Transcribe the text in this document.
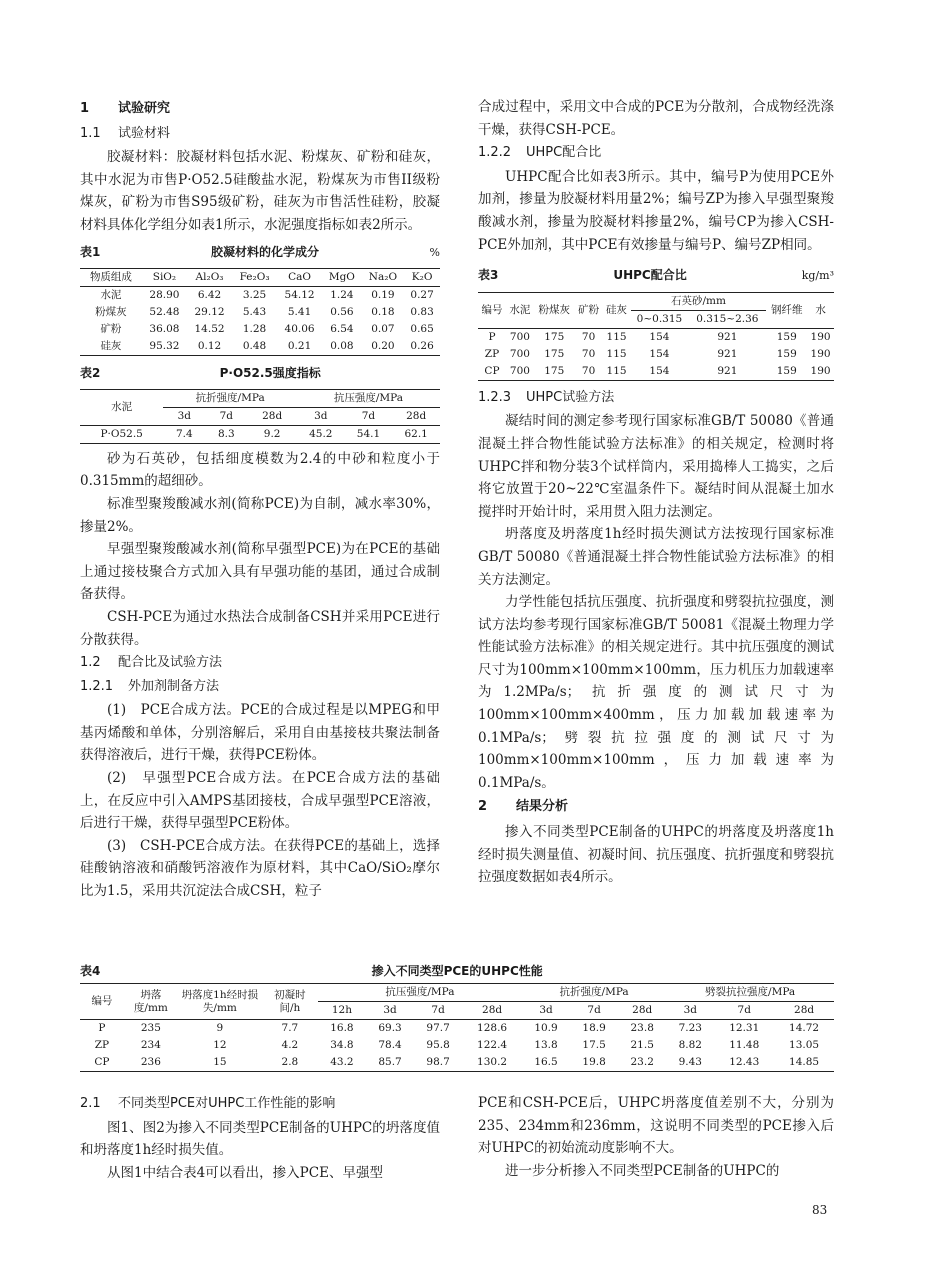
1 试验研究
1.1 试验材料

胶凝材料：胶凝材料包括水泥、粉煤灰、矿粉和硅灰，其中水泥为市售P·O52.5硅酸盐水泥，粉煤灰为市售II级粉煤灰，矿粉为市售S95级矿粉，硅灰为市售活性硅粉，胶凝材料具体化学组分如表1所示，水泥强度指标如表2所示。

表1	胶凝材料的化学成分	%
物质组成	SiO₂	Al₂O₃	Fe₂O₃	CaO	MgO	Na₂O	K₂O
水泥	28.90	6.42	3.25	54.12	1.24	0.19	0.27
粉煤灰	52.48	29.12	5.43	5.41	0.56	0.18	0.83
矿粉	36.08	14.52	1.28	40.06	6.54	0.07	0.65
硅灰	95.32	0.12	0.48	0.21	0.08	0.20	0.26
表2	P·O52.5强度指标
水泥	抗折强度/MPa			抗压强度/MPa		
	3d	7d	28d	3d	7d	28d
P·O52.5	7.4	8.3	9.2	45.2	54.1	62.1

砂为石英砂，包括细度模数为2.4的中砂和粒度小于0.315mm的超细砂。

标准型聚羧酸减水剂(简称PCE)为自制，减水率30%，掺量2%。

早强型聚羧酸减水剂(简称早强型PCE)为在PCE的基础上通过接枝聚合方式加入具有早强功能的基团，通过合成制备获得。

CSH-PCE为通过水热法合成制备CSH并采用PCE进行分散获得。

1.2 配合比及试验方法
1.2.1 外加剂制备方法

(1)　PCE合成方法。PCE的合成过程是以MPEG和甲基丙烯酸和单体，分别溶解后，采用自由基接枝共聚法制备获得溶液后，进行干燥，获得PCE粉体。

(2)　早强型PCE合成方法。在PCE合成方法的基础上，在反应中引入AMPS基团接枝，合成早强型PCE溶液，后进行干燥，获得早强型PCE粉体。

(3)　CSH-PCE合成方法。在获得PCE的基础上，选择硅酸钠溶液和硝酸钙溶液作为原材料，其中CaO/SiO₂摩尔比为1.5，采用共沉淀法合成CSH，粒子

合成过程中，采用文中合成的PCE为分散剂，合成物经洗涤干燥，获得CSH-PCE。

1.2.2 UHPC配合比

UHPC配合比如表3所示。其中，编号P为使用PCE外加剂，掺量为胶凝材料用量2%；编号ZP为掺入早强型聚羧酸减水剂，掺量为胶凝材料掺量2%，编号CP为掺入CSH-PCE外加剂，其中PCE有效掺量与编号P、编号ZP相同。

表3	UHPC配合比	kg/m³
编号	水泥	粉煤灰	矿粉	硅灰	石英砂/mm		钢纤维	水
					0~0.315	0.315~2.36		
P	700	175	70	115	154	921	159	190
ZP	700	175	70	115	154	921	159	190
CP	700	175	70	115	154	921	159	190
1.2.3 UHPC试验方法

凝结时间的测定参考现行国家标准GB/T 50080《普通混凝土拌合物性能试验方法标准》的相关规定，检测时将UHPC拌和物分装3个试样筒内，采用捣棒人工捣实，之后将它放置于20~22℃室温条件下。凝结时间从混凝土加水搅拌时开始计时，采用贯入阻力法测定。

坍落度及坍落度1h经时损失测试方法按现行国家标准GB/T 50080《普通混凝土拌合物性能试验方法标准》的相关方法测定。

力学性能包括抗压强度、抗折强度和劈裂抗拉强度，测试方法均参考现行国家标准GB/T 50081《混凝土物理力学性能试验方法标准》的相关规定进行。其中抗压强度的测试尺寸为100mm×100mm×100mm，压力机压力加载速率为1.2MPa/s；抗折强度的测试尺寸为100mm×100mm×400mm，压力加载加载速率为0.1MPa/s；劈裂抗拉强度的测试尺寸为100mm×100mm×100mm，压力加载速率为0.1MPa/s。

2 结果分析

掺入不同类型PCE制备的UHPC的坍落度及坍落度1h经时损失测量值、初凝时间、抗压强度、抗折强度和劈裂抗拉强度数据如表4所示。

表4	掺入不同类型PCE的UHPC性能
编号	坍落度/mm	坍落度1h经时损失/mm	初凝时间/h	抗压强度/MPa				抗折强度/MPa			劈裂抗拉强度/MPa		
				12h	3d	7d	28d	3d	7d	28d	3d	7d	28d
P	235	9	7.7	16.8	69.3	97.7	128.6	10.9	18.9	23.8	7.23	12.31	14.72
ZP	234	12	4.2	34.8	78.4	95.8	122.4	13.8	17.5	21.5	8.82	11.48	13.05
CP	236	15	2.8	43.2	85.7	98.7	130.2	16.5	19.8	23.2	9.43	12.43	14.85
2.1 不同类型PCE对UHPC工作性能的影响

图1、图2为掺入不同类型PCE制备的UHPC的坍落度值和坍落度1h经时损失值。

从图1中结合表4可以看出，掺入PCE、早强型

PCE和CSH-PCE后，UHPC坍落度值差别不大，分别为235、234mm和236mm，这说明不同类型的PCE掺入后对UHPC的初始流动度影响不大。

进一步分析掺入不同类型PCE制备的UHPC的

83
